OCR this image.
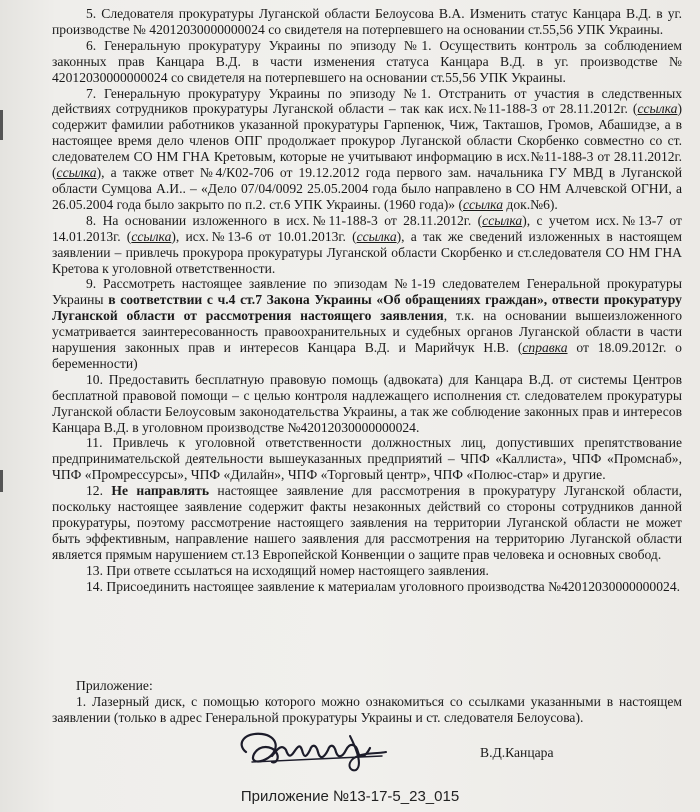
5. Следователя прокуратуры Луганской области Белоусова В.А. Изменить статус Канцара В.Д. в уг. производстве № 42012030000000024 со свидетеля на потерпевшего на основании ст.55,56 УПК Украины.

6. Генеральную прокуратуру Украины по эпизоду №1. Осуществить контроль за соблюдением законных прав Канцара В.Д. в части изменения статуса Канцара В.Д. в уг. производстве № 42012030000000024 со свидетеля на потерпевшего на основании ст.55,56 УПК Украины.

7. Генеральную прокуратуру Украины по эпизоду №1. Отстранить от участия в следственных действиях сотрудников прокуратуры Луганской области – так как исх.№11-188-3 от 28.11.2012г. (ссылка) содержит фамилии работников указанной прокуратуры Гарпенюк, Чиж, Такташов, Громов, Абашидзе, а в настоящее время дело членов ОПГ продолжает прокурор Луганской области Скорбенко совместно со ст. следователем СО НМ ГНА Кретовым, которые не учитывают информацию в исх.№11-188-3 от 28.11.2012г. (ссылка), а также ответ №4/К02-706 от 19.12.2012 года первого зам. начальника ГУ МВД в Луганской области Сумцова А.И.. – «Дело 07/04/0092 25.05.2004 года было направлено в СО НМ Алчевской ОГНИ, а 26.05.2004 года было закрыто по п.2. ст.6 УПК Украины. (1960 года)» (ссылка док.№6).

8. На основании изложенного в исх.№11-188-3 от 28.11.2012г. (ссылка), с учетом исх.№13-7 от 14.01.2013г. (ссылка), исх.№13-6 от 10.01.2013г. (ссылка), а так же сведений изложенных в настоящем заявлении – привлечь прокурора прокуратуры Луганской области Скорбенко и ст.следователя СО НМ ГНА Кретова к уголовной ответственности.

9. Рассмотреть настоящее заявление по эпизодам №1-19 следователем Генеральной прокуратуры Украины в соответствии с ч.4 ст.7 Закона Украины «Об обращениях граждан», отвести прокуратуру Луганской области от рассмотрения настоящего заявления, т.к. на основании вышеизложенного усматривается заинтересованность правоохранительных и судебных органов Луганской области в части нарушения законных прав и интересов Канцара В.Д. и Марийчук Н.В. (справка от 18.09.2012г. о беременности)

10. Предоставить бесплатную правовую помощь (адвоката) для Канцара В.Д. от системы Центров бесплатной правовой помощи – с целью контроля надлежащего исполнения ст. следователем прокуратуры Луганской области Белоусовым законодательства Украины, а так же соблюдение законных прав и интересов Канцара В.Д. в уголовном производстве №42012030000000024.

11. Привлечь к уголовной ответственности должностных лиц, допустивших препятствование предпринимательской деятельности вышеуказанных предприятий – ЧПФ «Каллиста», ЧПФ «Промснаб», ЧПФ «Промрессурсы», ЧПФ «Дилайн», ЧПФ «Торговый центр», ЧПФ «Полюс-стар» и другие.

12. Не направлять настоящее заявление для рассмотрения в прокуратуру Луганской области, поскольку настоящее заявление содержит факты незаконных действий со стороны сотрудников данной прокуратуры, поэтому рассмотрение настоящего заявления на территории Луганской области не может быть эффективным, направление нашего заявления для рассмотрения на территорию Луганской области является прямым нарушением ст.13 Европейской Конвенции о защите прав человека и основных свобод.

13. При ответе ссылаться на исходящий номер настоящего заявления.

14. Присоединить настоящее заявление к материалам уголовного производства №42012030000000024.

Приложение:
1. Лазерный диск, с помощью которого можно ознакомиться со ссылками указанными в настоящем заявлении (только в адрес Генеральной прокуратуры Украины и ст. следователя Белоусова).
В.Д.Канцара
Приложение №13-17-5_23_015
